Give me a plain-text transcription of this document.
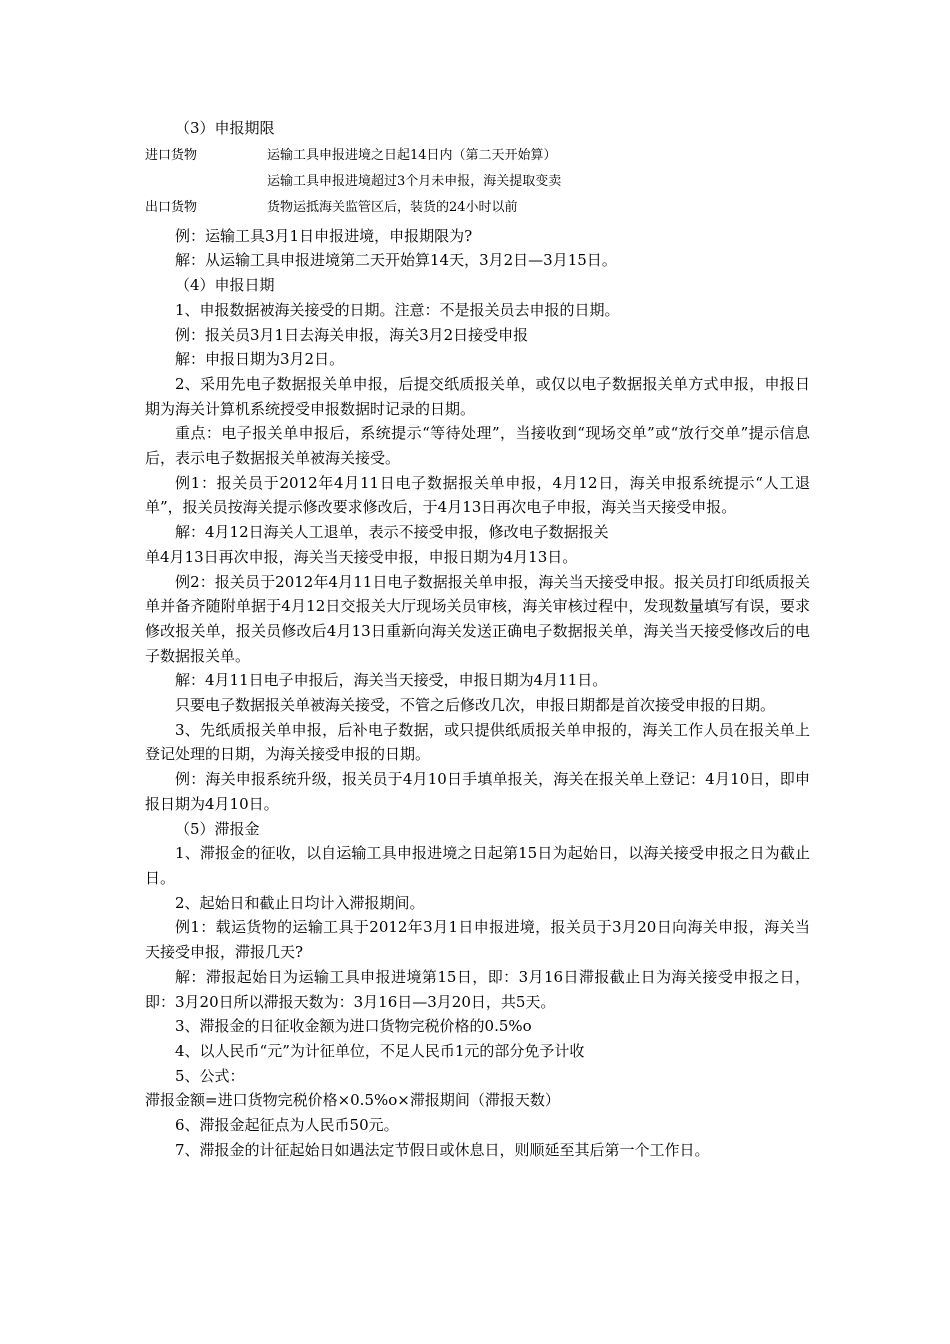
（3）申报期限

进口货物	运输工具申报进境之日起14日内（第二天开始算）

运输工具申报进境超过3个月未申报，海关提取变卖

出口货物	货物运抵海关监管区后，装货的24小时以前

例：运输工具3月1日申报进境，申报期限为?

解：从运输工具申报进境第二天开始算14天，3月2日—3月15日。

（4）申报日期

1、申报数据被海关接受的日期。注意：不是报关员去申报的日期。

例：报关员3月1日去海关申报，海关3月2日接受申报

解：申报日期为3月2日。

2、采用先电子数据报关单申报，后提交纸质报关单，或仅以电子数据报关单方式申报，申报日期为海关计算机系统授受申报数据时记录的日期。

重点：电子报关单申报后，系统提示“等待处理”，当接收到“现场交单”或“放行交单”提示信息后，表示电子数据报关单被海关接受。

例1：报关员于2012年4月11日电子数据报关单申报，4月12日，海关申报系统提示“人工退单”，报关员按海关提示修改要求修改后，于4月13日再次电子申报，海关当天接受申报。

解：4月12日海关人工退单，表示不接受申报，修改电子数据报关

单4月13日再次申报，海关当天接受申报，申报日期为4月13日。

例2：报关员于2012年4月11日电子数据报关单申报，海关当天接受申报。报关员打印纸质报关单并备齐随附单据于4月12日交报关大厅现场关员审核，海关审核过程中，发现数量填写有误，要求修改报关单，报关员修改后4月13日重新向海关发送正确电子数据报关单，海关当天接受修改后的电子数据报关单。

解：4月11日电子申报后，海关当天接受，申报日期为4月11日。

只要电子数据报关单被海关接受，不管之后修改几次，申报日期都是首次接受申报的日期。

3、先纸质报关单申报，后补电子数据，或只提供纸质报关单申报的，海关工作人员在报关单上登记处理的日期，为海关接受申报的日期。

例：海关申报系统升级，报关员于4月10日手填单报关，海关在报关单上登记：4月10日，即申报日期为4月10日。

（5）滞报金

1、滞报金的征收，以自运输工具申报进境之日起第15日为起始日，以海关接受申报之日为截止日。

2、起始日和截止日均计入滞报期间。

例1：载运货物的运输工具于2012年3月1日申报进境，报关员于3月20日向海关申报，海关当天接受申报，滞报几天?

解：滞报起始日为运输工具申报进境第15日，即：3月16日滞报截止日为海关接受申报之日，即：3月20日所以滞报天数为：3月16日—3月20日，共5天。

3、滞报金的日征收金额为进口货物完税价格的0.5%o

4、以人民币“元”为计征单位，不足人民币1元的部分免予计收

5、公式：

滞报金额=进口货物完税价格×0.5%o×滞报期间（滞报天数）

6、滞报金起征点为人民币50元。

7、滞报金的计征起始日如遇法定节假日或休息日，则顺延至其后第一个工作日。
